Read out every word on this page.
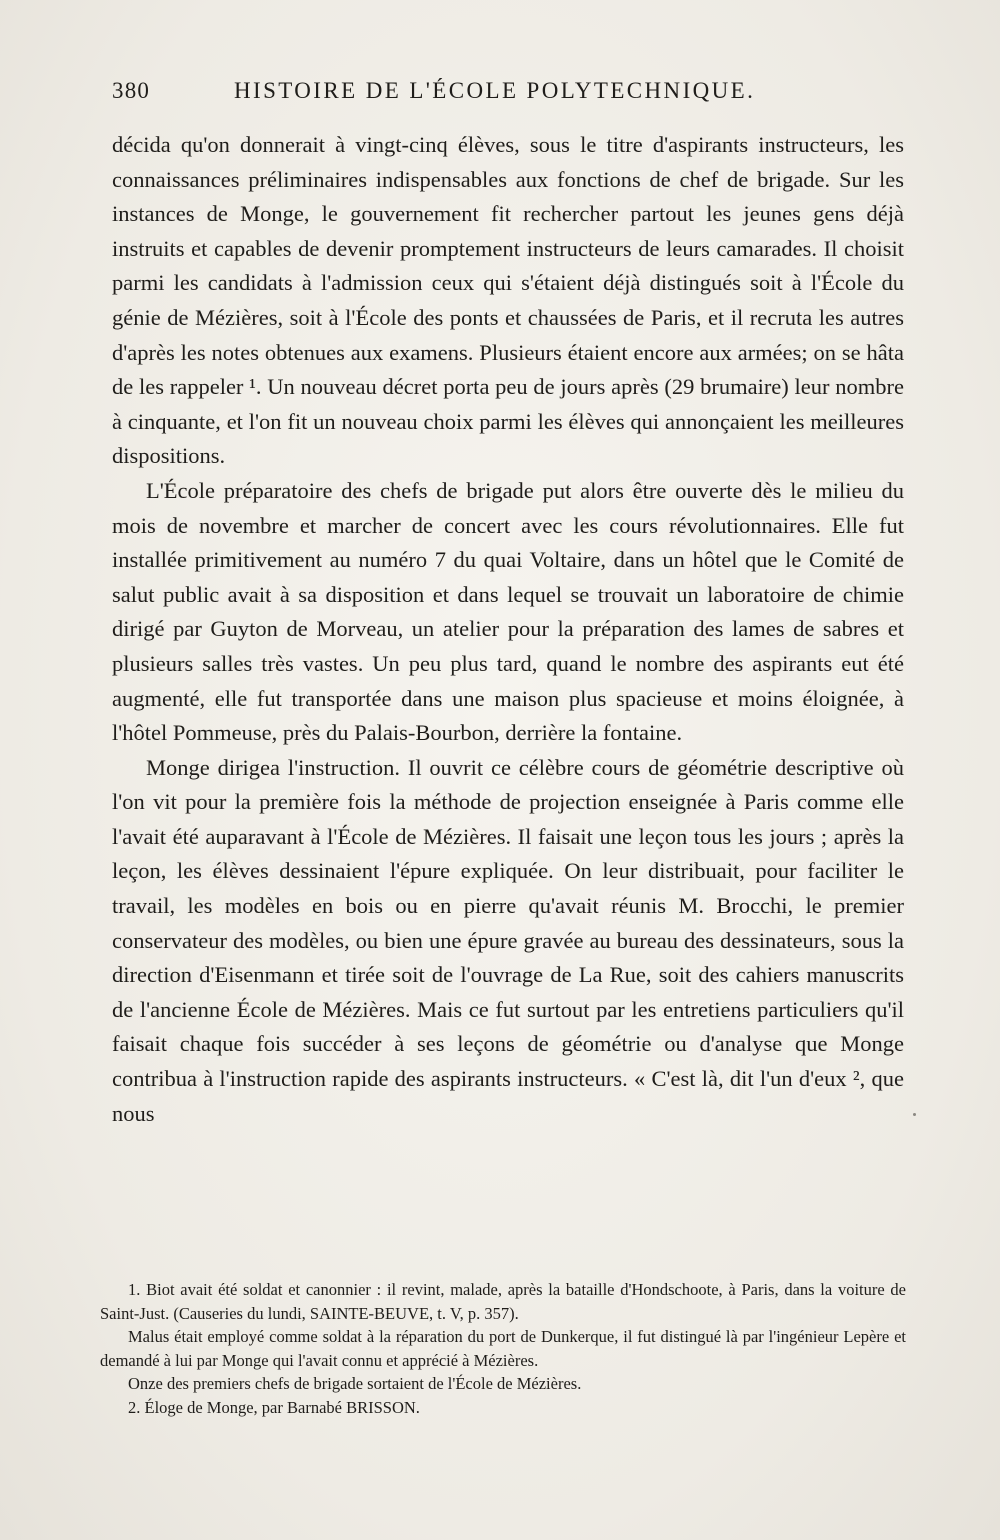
380	HISTOIRE DE L'ÉCOLE POLYTECHNIQUE.

décida qu'on donnerait à vingt-cinq élèves, sous le titre d'aspirants instructeurs, les connaissances préliminaires indispensables aux fonctions de chef de brigade. Sur les instances de Monge, le gouvernement fit rechercher partout les jeunes gens déjà instruits et capables de devenir promptement instructeurs de leurs camarades. Il choisit parmi les candidats à l'admission ceux qui s'étaient déjà distingués soit à l'École du génie de Mézières, soit à l'École des ponts et chaussées de Paris, et il recruta les autres d'après les notes obtenues aux examens. Plusieurs étaient encore aux armées; on se hâta de les rappeler ¹. Un nouveau décret porta peu de jours après (29 brumaire) leur nombre à cinquante, et l'on fit un nouveau choix parmi les élèves qui annonçaient les meilleures dispositions.

L'École préparatoire des chefs de brigade put alors être ouverte dès le milieu du mois de novembre et marcher de concert avec les cours révolutionnaires. Elle fut installée primitivement au numéro 7 du quai Voltaire, dans un hôtel que le Comité de salut public avait à sa disposition et dans lequel se trouvait un laboratoire de chimie dirigé par Guyton de Morveau, un atelier pour la préparation des lames de sabres et plusieurs salles très vastes. Un peu plus tard, quand le nombre des aspirants eut été augmenté, elle fut transportée dans une maison plus spacieuse et moins éloignée, à l'hôtel Pommeuse, près du Palais-Bourbon, derrière la fontaine.

Monge dirigea l'instruction. Il ouvrit ce célèbre cours de géométrie descriptive où l'on vit pour la première fois la méthode de projection enseignée à Paris comme elle l'avait été auparavant à l'École de Mézières. Il faisait une leçon tous les jours ; après la leçon, les élèves dessinaient l'épure expliquée. On leur distribuait, pour faciliter le travail, les modèles en bois ou en pierre qu'avait réunis M. Brocchi, le premier conservateur des modèles, ou bien une épure gravée au bureau des dessinateurs, sous la direction d'Eisenmann et tirée soit de l'ouvrage de La Rue, soit des cahiers manuscrits de l'ancienne École de Mézières. Mais ce fut surtout par les entretiens particuliers qu'il faisait chaque fois succéder à ses leçons de géométrie ou d'analyse que Monge contribua à l'instruction rapide des aspirants instructeurs. « C'est là, dit l'un d'eux ², que nous

1. Biot avait été soldat et canonnier : il revint, malade, après la bataille d'Hondschoote, à Paris, dans la voiture de Saint-Just. (Causeries du lundi, SAINTE-BEUVE, t. V, p. 357).

Malus était employé comme soldat à la réparation du port de Dunkerque, il fut distingué là par l'ingénieur Lepère et demandé à lui par Monge qui l'avait connu et apprécié à Mézières.

Onze des premiers chefs de brigade sortaient de l'École de Mézières.

2. Éloge de Monge, par Barnabé BRISSON.
